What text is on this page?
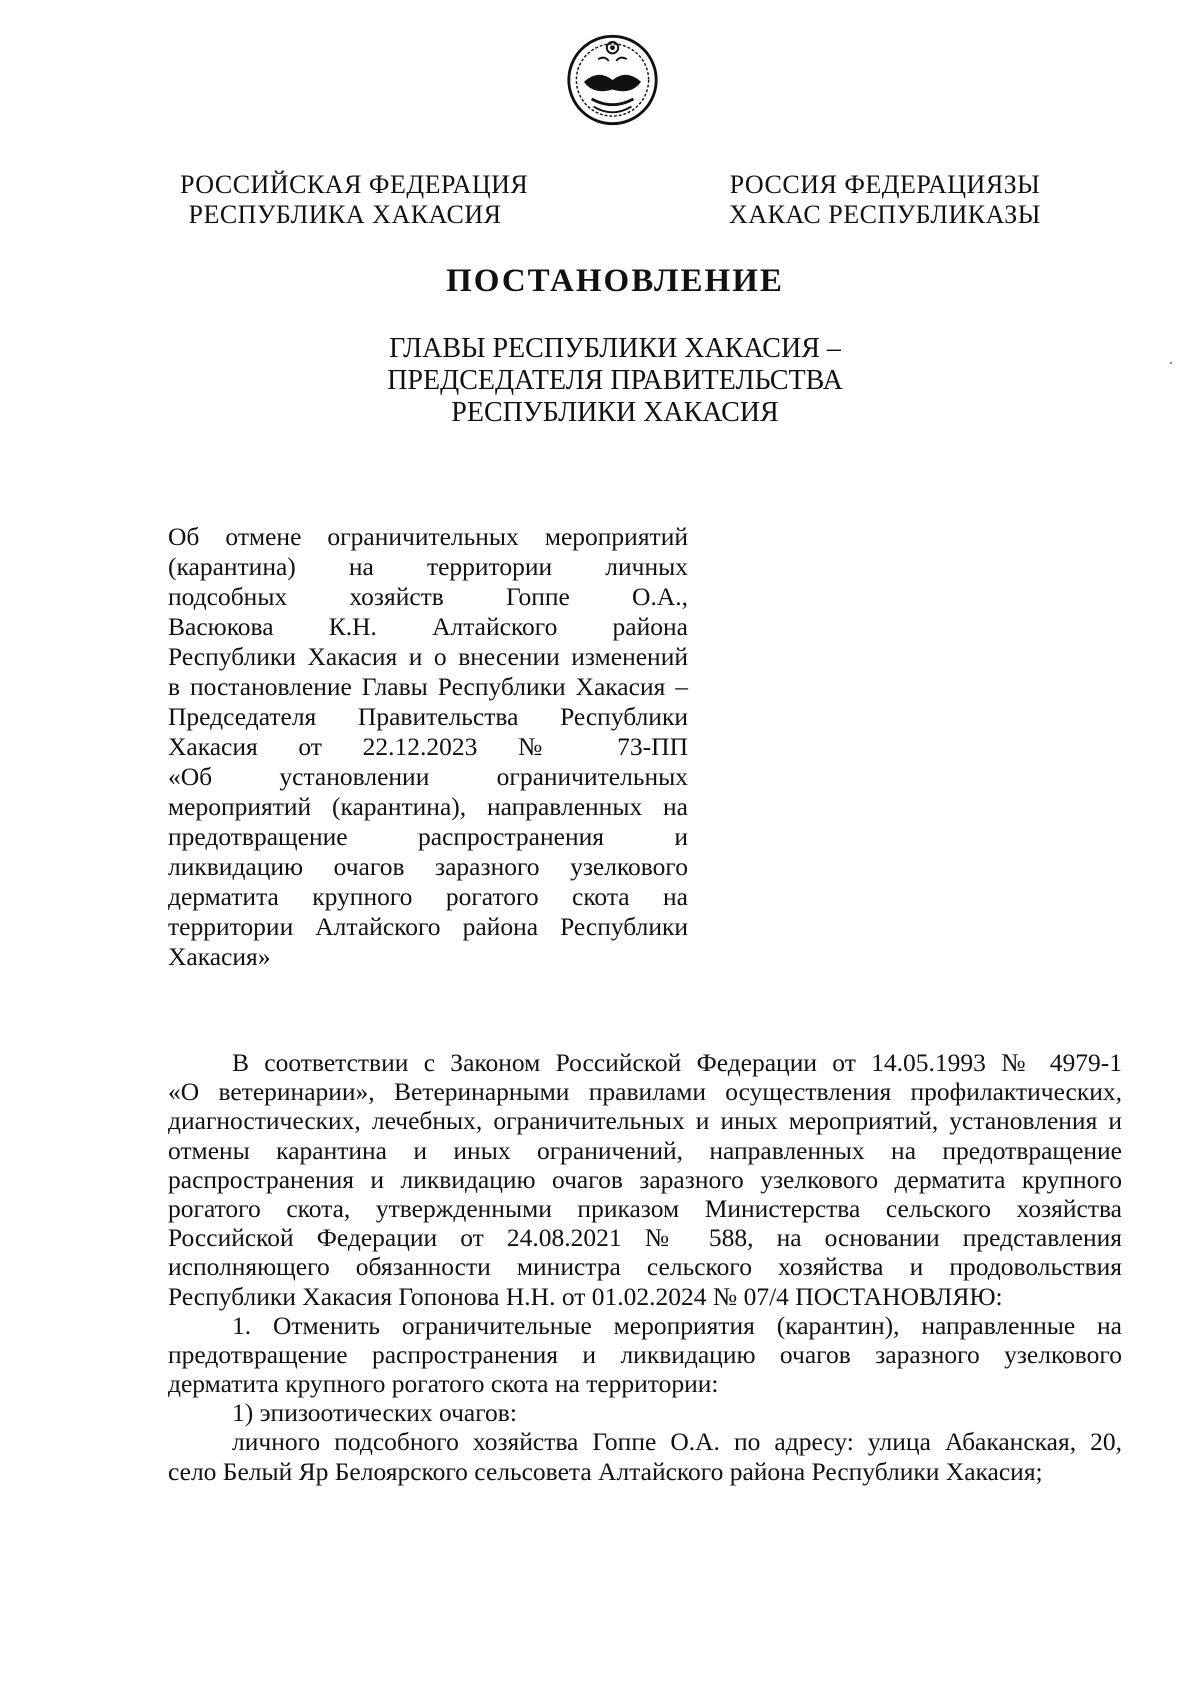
РОССИЙСКАЯ ФЕДЕРАЦИЯ
РЕСПУБЛИКА ХАКАСИЯ
РОССИЯ ФЕДЕРАЦИЯЗЫ
ХАКАС РЕСПУБЛИКАЗЫ
ПОСТАНОВЛЕНИЕ
ГЛАВЫ РЕСПУБЛИКИ ХАКАСИЯ –
ПРЕДСЕДАТЕЛЯ ПРАВИТЕЛЬСТВА
РЕСПУБЛИКИ ХАКАСИЯ
Об отмене ограничительных мероприятий
(карантина) на территории личных
подсобных хозяйств Гоппе О.А.,
Васюкова К.Н. Алтайского района
Республики Хакасия и о внесении изменений
в постановление Главы Республики Хакасия –
Председателя Правительства Республики
Хакасия от 22.12.2023 № 73-ПП
«Об установлении ограничительных
мероприятий (карантина), направленных на
предотвращение распространения и
ликвидацию очагов заразного узелкового
дерматита крупного рогатого скота на
территории Алтайского района Республики
Хакасия»
В соответствии с Законом Российской Федерации от 14.05.1993 № 4979-1
«О ветеринарии», Ветеринарными правилами осуществления профилактических,
диагностических, лечебных, ограничительных и иных мероприятий, установления и
отмены карантина и иных ограничений, направленных на предотвращение
распространения и ликвидацию очагов заразного узелкового дерматита крупного
рогатого скота, утвержденными приказом Министерства сельского хозяйства
Российской Федерации от 24.08.2021 № 588, на основании представления
исполняющего обязанности министра сельского хозяйства и продовольствия
Республики Хакасия Гопонова Н.Н. от 01.02.2024 № 07/4 ПОСТАНОВЛЯЮ:
1. Отменить ограничительные мероприятия (карантин), направленные на
предотвращение распространения и ликвидацию очагов заразного узелкового
дерматита крупного рогатого скота на территории:
1) эпизоотических очагов:
личного подсобного хозяйства Гоппе О.А. по адресу: улица Абаканская, 20,
село Белый Яр Белоярского сельсовета Алтайского района Республики Хакасия;
